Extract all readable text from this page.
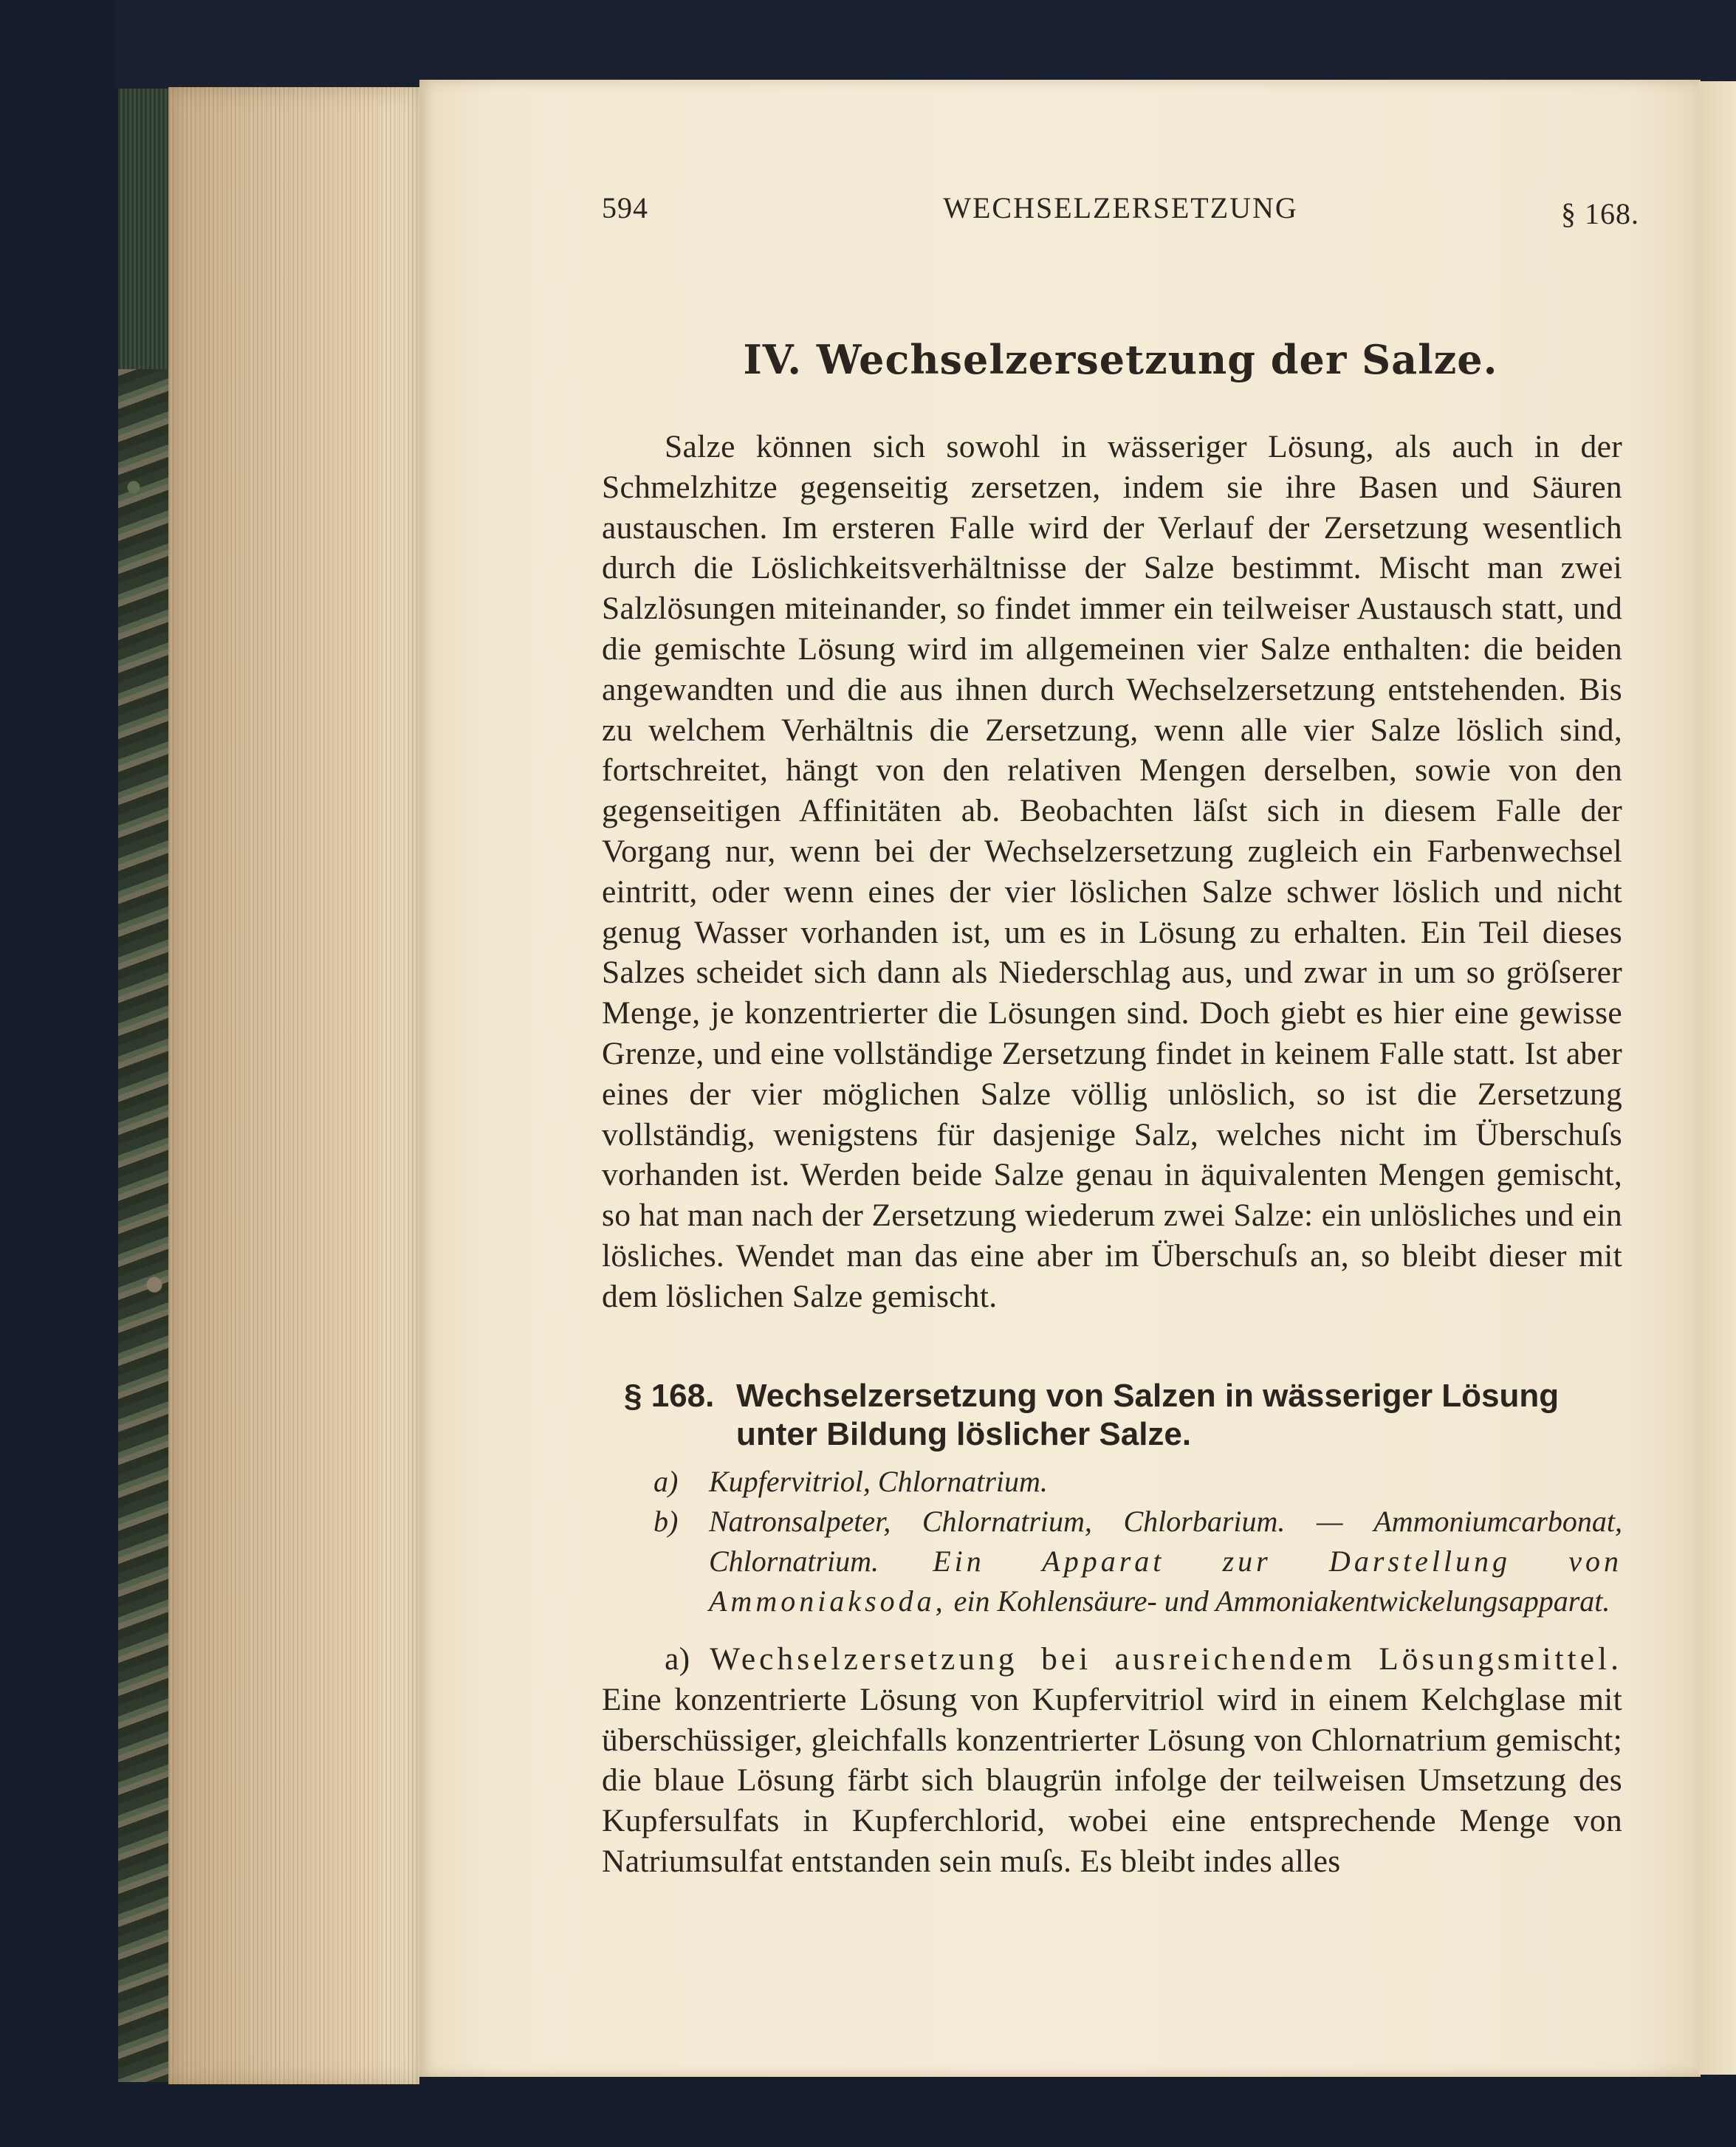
594	WECHSELZERSETZUNG	§ 168.
IV. Wechselzersetzung der Salze.

Salze können sich sowohl in wässeriger Lösung, als auch in der Schmelzhitze gegenseitig zersetzen, indem sie ihre Basen und Säuren austauschen. Im ersteren Falle wird der Verlauf der Zersetzung wesentlich durch die Löslichkeitsverhältnisse der Salze bestimmt. Mischt man zwei Salzlösungen miteinander, so findet immer ein teilweiser Austausch statt, und die gemischte Lösung wird im allgemeinen vier Salze enthalten: die beiden angewandten und die aus ihnen durch Wechselzersetzung entstehenden. Bis zu welchem Verhältnis die Zersetzung, wenn alle vier Salze löslich sind, fortschreitet, hängt von den relativen Mengen derselben, sowie von den gegenseitigen Affinitäten ab. Beobachten läſst sich in diesem Falle der Vorgang nur, wenn bei der Wechselzersetzung zugleich ein Farbenwechsel eintritt, oder wenn eines der vier löslichen Salze schwer löslich und nicht genug Wasser vorhanden ist, um es in Lösung zu erhalten. Ein Teil dieses Salzes scheidet sich dann als Niederschlag aus, und zwar in um so gröſserer Menge, je konzentrierter die Lösungen sind. Doch giebt es hier eine gewisse Grenze, und eine vollständige Zersetzung findet in keinem Falle statt. Ist aber eines der vier möglichen Salze völlig unlöslich, so ist die Zersetzung vollständig, wenigstens für dasjenige Salz, welches nicht im Überschuſs vorhanden ist. Werden beide Salze genau in äquivalenten Mengen gemischt, so hat man nach der Zersetzung wiederum zwei Salze: ein unlösliches und ein lösliches. Wendet man das eine aber im Überschuſs an, so bleibt dieser mit dem löslichen Salze gemischt.

§ 168. Wechselzersetzung von Salzen in wässeriger Lösung unter Bildung löslicher Salze.
a) Kupfervitriol, Chlornatrium.
b) Natronsalpeter, Chlornatrium, Chlorbarium. — Ammoniumcarbonat, Chlornatrium. Ein Apparat zur Darstellung von Ammoniaksoda, ein Kohlensäure- und Ammoniakentwickelungsapparat.

a) Wechselzersetzung bei ausreichendem Lösungsmittel. Eine konzentrierte Lösung von Kupfervitriol wird in einem Kelchglase mit überschüssiger, gleichfalls konzentrierter Lösung von Chlornatrium gemischt; die blaue Lösung färbt sich blaugrün infolge der teilweisen Umsetzung des Kupfersulfats in Kupferchlorid, wobei eine entsprechende Menge von Natriumsulfat entstanden sein muſs. Es bleibt indes alles
